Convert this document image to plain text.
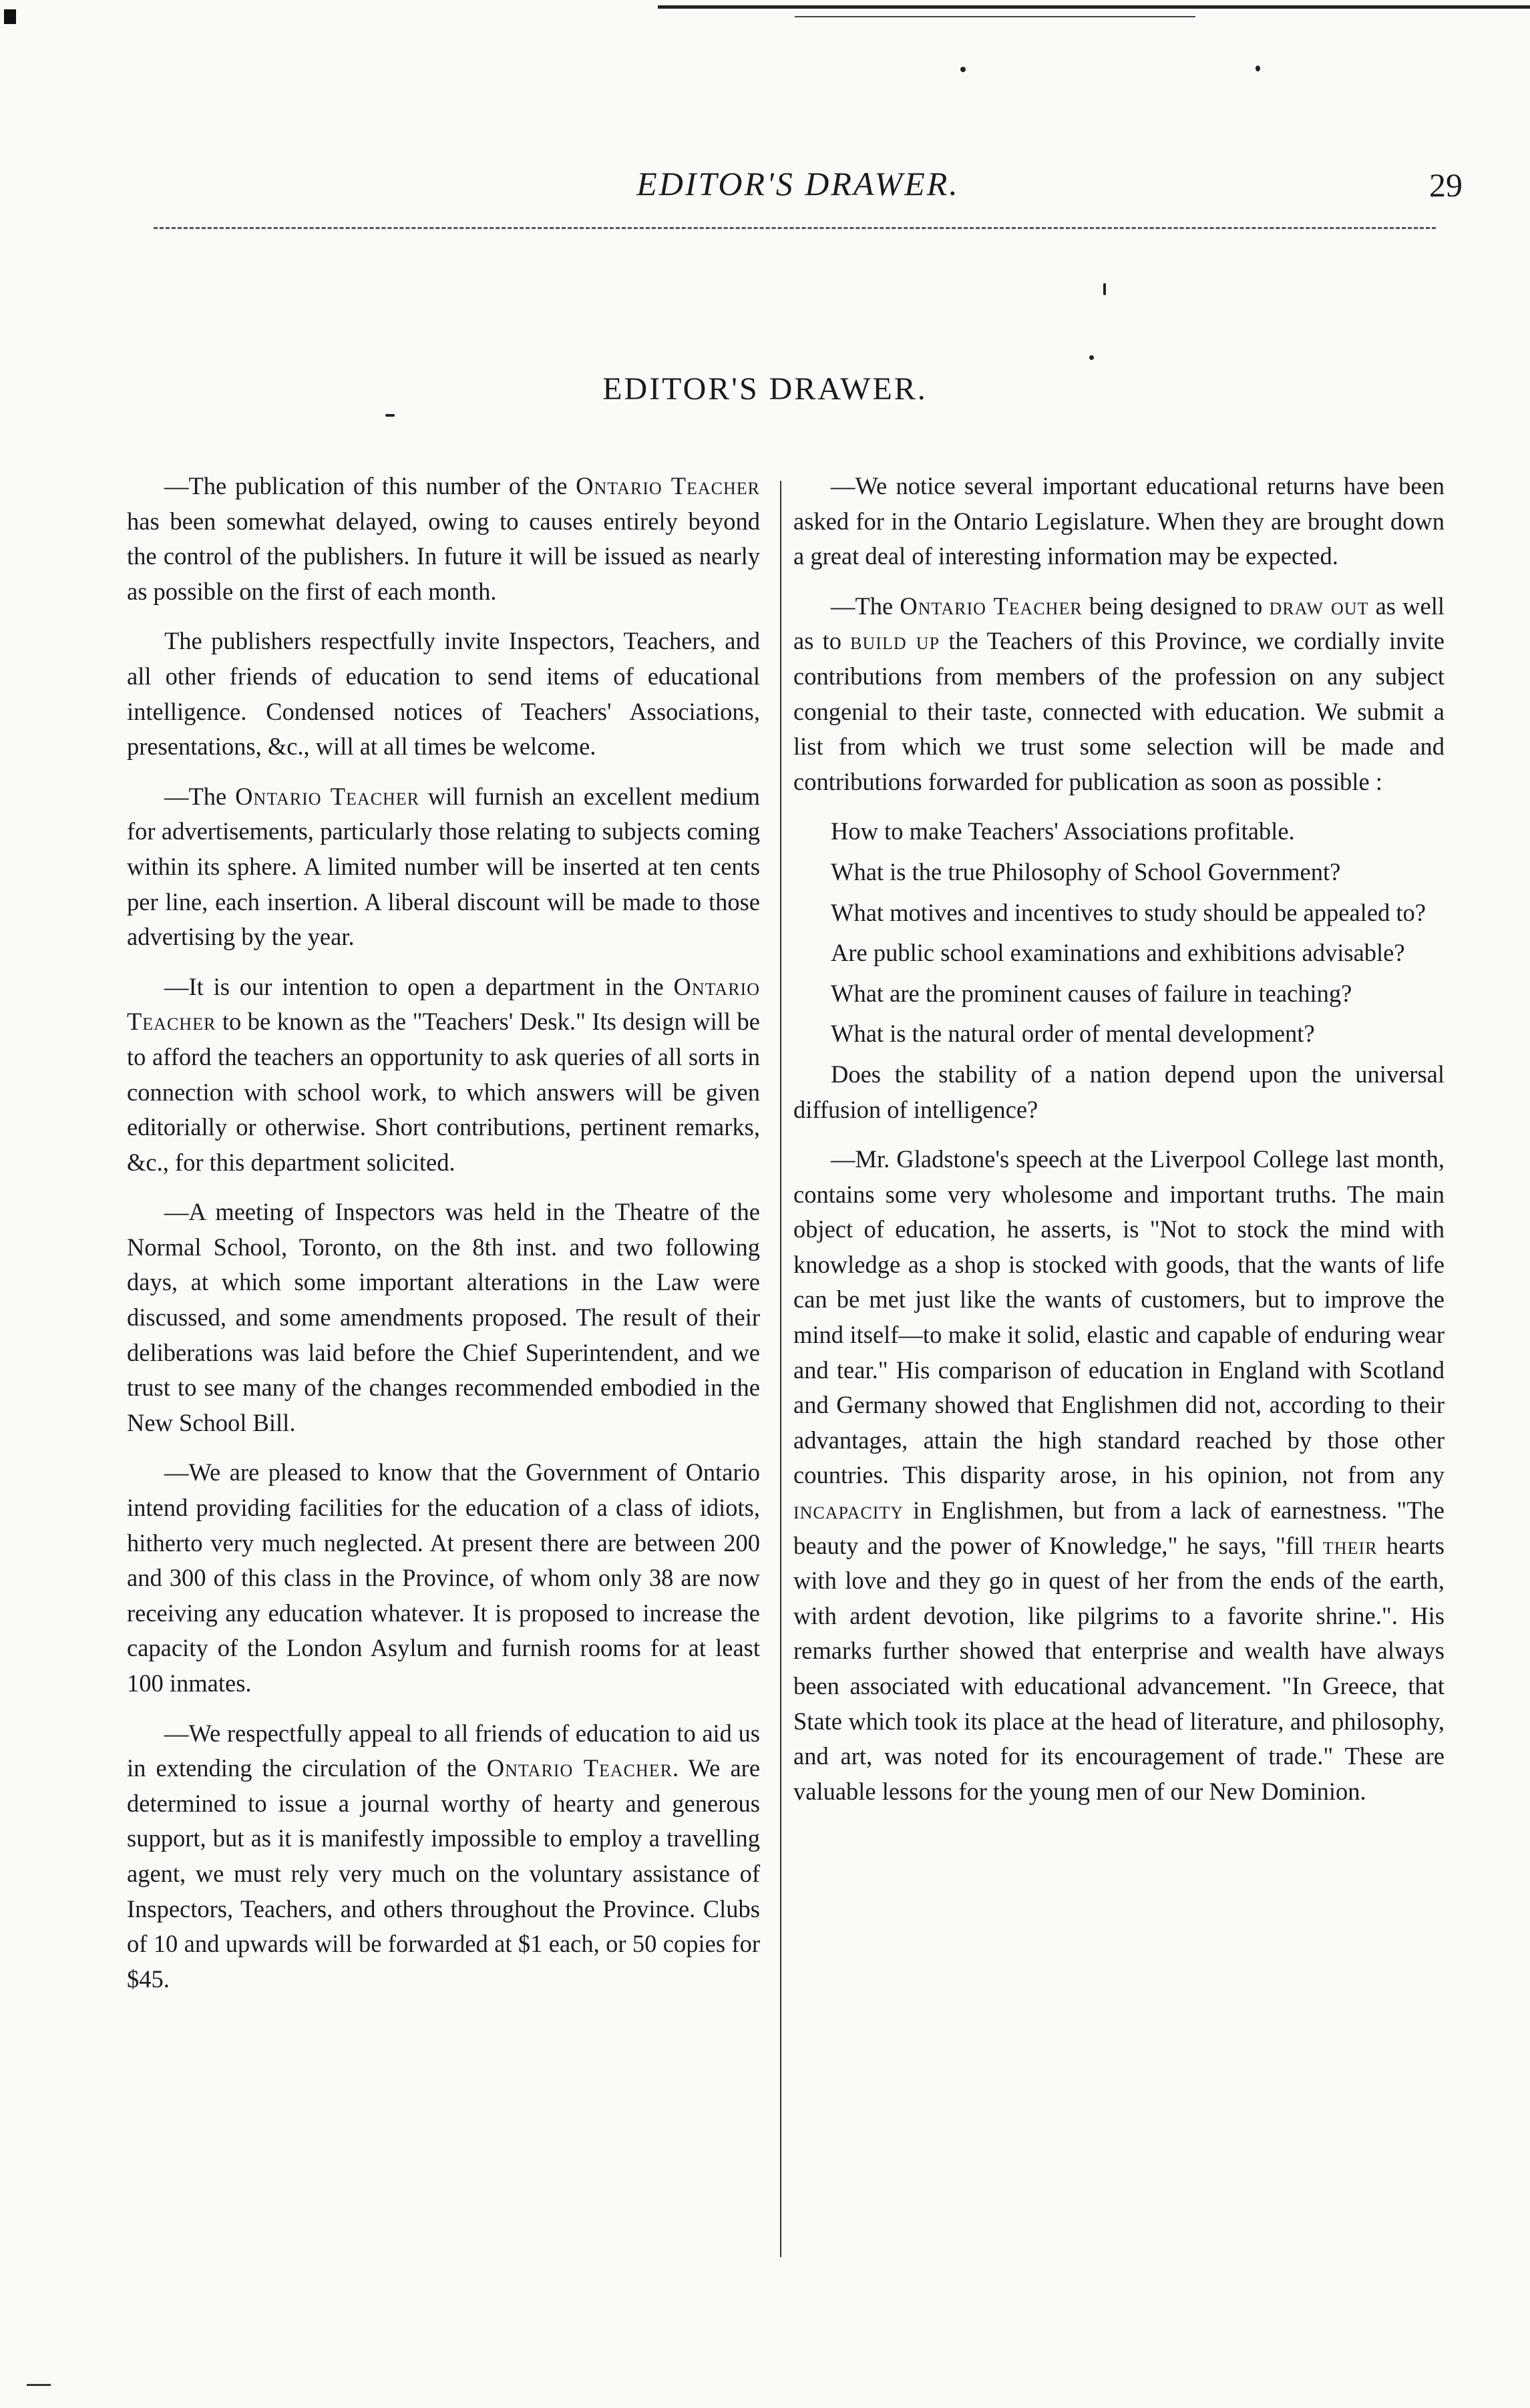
EDITOR'S DRAWER.	29
EDITOR'S DRAWER.

—The publication of this number of the Ontario Teacher has been somewhat delayed, owing to causes entirely beyond the control of the publishers. In future it will be issued as nearly as possible on the first of each month.

The publishers respectfully invite Inspectors, Teachers, and all other friends of education to send items of educational intelligence. Condensed notices of Teachers' Associations, presentations, &c., will at all times be welcome.

—The Ontario Teacher will furnish an excellent medium for advertisements, particularly those relating to subjects coming within its sphere. A limited number will be inserted at ten cents per line, each insertion. A liberal discount will be made to those advertising by the year.

—It is our intention to open a department in the Ontario Teacher to be known as the "Teachers' Desk." Its design will be to afford the teachers an opportunity to ask queries of all sorts in connection with school work, to which answers will be given editorially or otherwise. Short contributions, pertinent remarks, &c., for this department solicited.

—A meeting of Inspectors was held in the Theatre of the Normal School, Toronto, on the 8th inst. and two following days, at which some important alterations in the Law were discussed, and some amendments proposed. The result of their deliberations was laid before the Chief Superintendent, and we trust to see many of the changes recommended embodied in the New School Bill.

—We are pleased to know that the Government of Ontario intend providing facilities for the education of a class of idiots, hitherto very much neglected. At present there are between 200 and 300 of this class in the Province, of whom only 38 are now receiving any education whatever. It is proposed to increase the capacity of the London Asylum and furnish rooms for at least 100 inmates.

—We respectfully appeal to all friends of education to aid us in extending the circulation of the Ontario Teacher. We are determined to issue a journal worthy of hearty and generous support, but as it is manifestly impossible to employ a travelling agent, we must rely very much on the voluntary assistance of Inspectors, Teachers, and others throughout the Province. Clubs of 10 and upwards will be forwarded at $1 each, or 50 copies for $45.

—We notice several important educational returns have been asked for in the Ontario Legislature. When they are brought down a great deal of interesting information may be expected.

—The Ontario Teacher being designed to draw out as well as to build up the Teachers of this Province, we cordially invite contributions from members of the profession on any subject congenial to their taste, connected with education. We submit a list from which we trust some selection will be made and contributions forwarded for publication as soon as possible :

How to make Teachers' Associations profitable.

What is the true Philosophy of School Government?

What motives and incentives to study should be appealed to?

Are public school examinations and exhibitions advisable?

What are the prominent causes of failure in teaching?

What is the natural order of mental development?

Does the stability of a nation depend upon the universal diffusion of intelligence?

—Mr. Gladstone's speech at the Liverpool College last month, contains some very wholesome and important truths. The main object of education, he asserts, is "Not to stock the mind with knowledge as a shop is stocked with goods, that the wants of life can be met just like the wants of customers, but to improve the mind itself—to make it solid, elastic and capable of enduring wear and tear." His comparison of education in England with Scotland and Germany showed that Englishmen did not, according to their advantages, attain the high standard reached by those other countries. This disparity arose, in his opinion, not from any incapacity in Englishmen, but from a lack of earnestness. "The beauty and the power of Knowledge," he says, "fill their hearts with love and they go in quest of her from the ends of the earth, with ardent devotion, like pilgrims to a favorite shrine.". His remarks further showed that enterprise and wealth have always been associated with educational advancement. "In Greece, that State which took its place at the head of literature, and philosophy, and art, was noted for its encouragement of trade." These are valuable lessons for the young men of our New Dominion.
